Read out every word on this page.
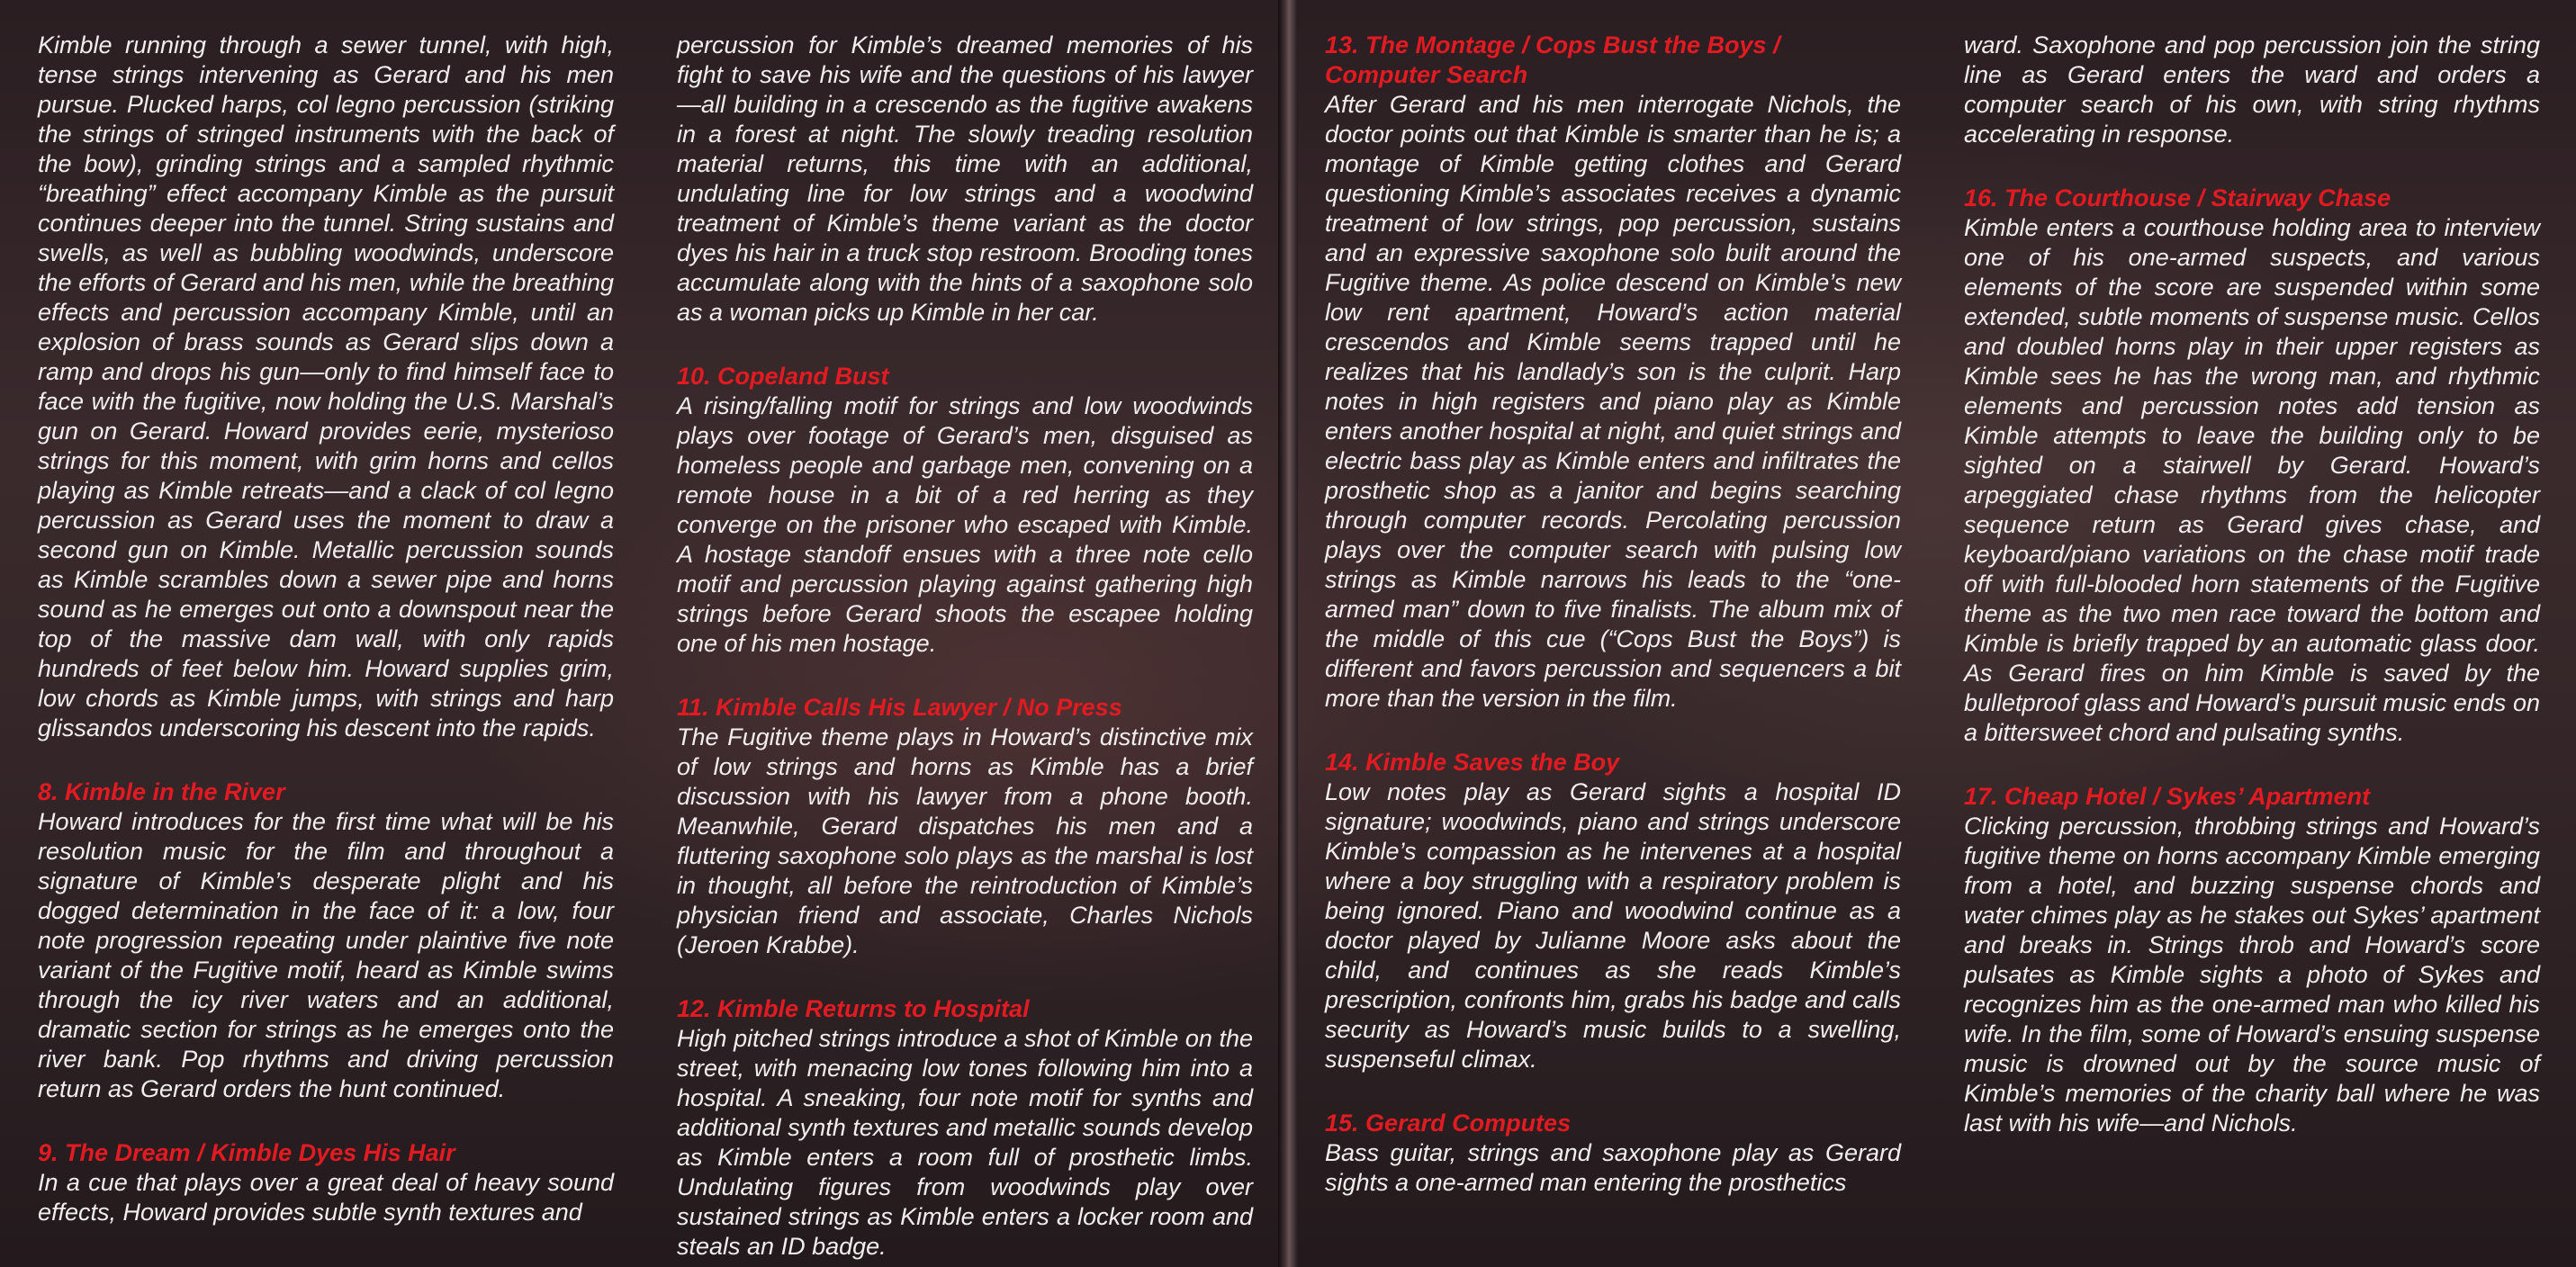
Kimble running through a sewer tunnel, with high, tense strings intervening as Gerard and his men pursue. Plucked harps, col legno percussion (striking the strings of stringed instruments with the back of the bow), grinding strings and a sampled rhythmic “breathing” effect accompany Kimble as the pursuit continues deeper into the tunnel. String sustains and swells, as well as bubbling woodwinds, underscore the efforts of Gerard and his men, while the breathing effects and percussion accompany Kimble, until an explosion of brass sounds as Gerard slips down a ramp and drops his gun—only to find himself face to face with the fugitive, now holding the U.S. Marshal’s gun on Gerard. Howard provides eerie, mysterioso strings for this moment, with grim horns and cellos playing as Kimble retreats—and a clack of col legno percussion as Gerard uses the moment to draw a second gun on Kimble. Metallic percussion sounds as Kimble scrambles down a sewer pipe and horns sound as he emerges out onto a downspout near the top of the massive dam wall, with only rapids hundreds of feet below him. Howard supplies grim, low chords as Kimble jumps, with strings and harp glissandos underscoring his descent into the rapids.

8. Kimble in the River

Howard introduces for the first time what will be his resolution music for the film and throughout a signature of Kimble’s desperate plight and his dogged determination in the face of it: a low, four note progression repeating under plaintive five note variant of the Fugitive motif, heard as Kimble swims through the icy river waters and an additional, dramatic section for strings as he emerges onto the river bank. Pop rhythms and driving percussion return as Gerard orders the hunt continued.

9. The Dream / Kimble Dyes His Hair

In a cue that plays over a great deal of heavy sound effects, Howard provides subtle synth textures and

percussion for Kimble’s dreamed memories of his fight to save his wife and the questions of his lawyer—all building in a crescendo as the fugitive awakens in a forest at night. The slowly treading resolution material returns, this time with an additional, undulating line for low strings and a woodwind treatment of Kimble’s theme variant as the doctor dyes his hair in a truck stop restroom. Brooding tones accumulate along with the hints of a saxophone solo as a woman picks up Kimble in her car.

10. Copeland Bust

A rising/falling motif for strings and low woodwinds plays over footage of Gerard’s men, disguised as homeless people and garbage men, convening on a remote house in a bit of a red herring as they converge on the prisoner who escaped with Kimble. A hostage standoff ensues with a three note cello motif and percussion playing against gathering high strings before Gerard shoots the escapee holding one of his men hostage.

11. Kimble Calls His Lawyer / No Press

The Fugitive theme plays in Howard’s distinctive mix of low strings and horns as Kimble has a brief discussion with his lawyer from a phone booth. Meanwhile, Gerard dispatches his men and a fluttering saxophone solo plays as the marshal is lost in thought, all before the reintroduction of Kimble’s physician friend and associate, Charles Nichols (Jeroen Krabbe).

12. Kimble Returns to Hospital

High pitched strings introduce a shot of Kimble on the street, with menacing low tones following him into a hospital. A sneaking, four note motif for synths and additional synth textures and metallic sounds develop as Kimble enters a room full of prosthetic limbs. Undulating figures from woodwinds play over sustained strings as Kimble enters a locker room and steals an ID badge.

13. The Montage / Cops Bust the Boys / Computer Search

After Gerard and his men interrogate Nichols, the doctor points out that Kimble is smarter than he is; a montage of Kimble getting clothes and Gerard questioning Kimble’s associates receives a dynamic treatment of low strings, pop percussion, sustains and an expressive saxophone solo built around the Fugitive theme. As police descend on Kimble’s new low rent apartment, Howard’s action material crescendos and Kimble seems trapped until he realizes that his landlady’s son is the culprit. Harp notes in high registers and piano play as Kimble enters another hospital at night, and quiet strings and electric bass play as Kimble enters and infiltrates the prosthetic shop as a janitor and begins searching through computer records. Percolating percussion plays over the computer search with pulsing low strings as Kimble narrows his leads to the “one-armed man” down to five finalists. The album mix of the middle of this cue (“Cops Bust the Boys”) is different and favors percussion and sequencers a bit more than the version in the film.

14. Kimble Saves the Boy

Low notes play as Gerard sights a hospital ID signature; woodwinds, piano and strings underscore Kimble’s compassion as he intervenes at a hospital where a boy struggling with a respiratory problem is being ignored. Piano and woodwind continue as a doctor played by Julianne Moore asks about the child, and continues as she reads Kimble’s prescription, confronts him, grabs his badge and calls security as Howard’s music builds to a swelling, suspenseful climax.

15. Gerard Computes

Bass guitar, strings and saxophone play as Gerard sights a one-armed man entering the prosthetics

ward. Saxophone and pop percussion join the string line as Gerard enters the ward and orders a computer search of his own, with string rhythms accelerating in response.

16. The Courthouse / Stairway Chase

Kimble enters a courthouse holding area to interview one of his one-armed suspects, and various elements of the score are suspended within some extended, subtle moments of suspense music. Cellos and doubled horns play in their upper registers as Kimble sees he has the wrong man, and rhythmic elements and percussion notes add tension as Kimble attempts to leave the building only to be sighted on a stairwell by Gerard. Howard’s arpeggiated chase rhythms from the helicopter sequence return as Gerard gives chase, and keyboard/piano variations on the chase motif trade off with full-blooded horn statements of the Fugitive theme as the two men race toward the bottom and Kimble is briefly trapped by an automatic glass door. As Gerard fires on him Kimble is saved by the bulletproof glass and Howard’s pursuit music ends on a bittersweet chord and pulsating synths.

17. Cheap Hotel / Sykes’ Apartment

Clicking percussion, throbbing strings and Howard’s fugitive theme on horns accompany Kimble emerging from a hotel, and buzzing suspense chords and water chimes play as he stakes out Sykes’ apartment and breaks in. Strings throb and Howard’s score pulsates as Kimble sights a photo of Sykes and recognizes him as the one-armed man who killed his wife. In the film, some of Howard’s ensuing suspense music is drowned out by the source music of Kimble’s memories of the charity ball where he was last with his wife—and Nichols.
